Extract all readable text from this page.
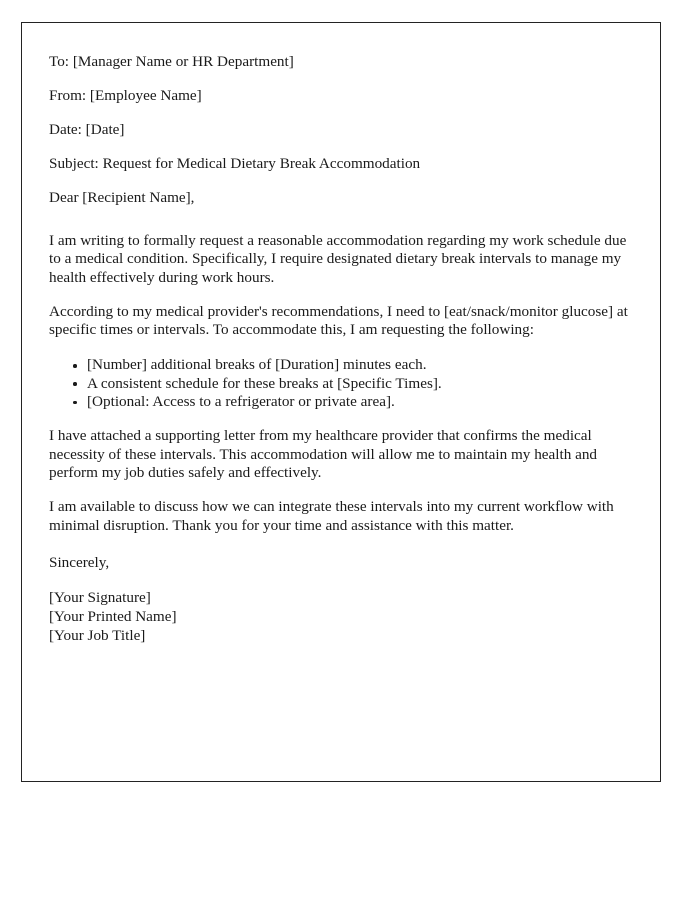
To: [Manager Name or HR Department]
From: [Employee Name]
Date: [Date]
Subject: Request for Medical Dietary Break Accommodation
Dear [Recipient Name],

I am writing to formally request a reasonable accommodation regarding my work schedule due to a medical condition. Specifically, I require designated dietary break intervals to manage my health effectively during work hours.

According to my medical provider's recommendations, I need to [eat/snack/monitor glucose] at specific times or intervals. To accommodate this, I am requesting the following:

[Number] additional breaks of [Duration] minutes each.
A consistent schedule for these breaks at [Specific Times].
[Optional: Access to a refrigerator or private area].

I have attached a supporting letter from my healthcare provider that confirms the medical necessity of these intervals. This accommodation will allow me to maintain my health and perform my job duties safely and effectively.

I am available to discuss how we can integrate these intervals into my current workflow with minimal disruption. Thank you for your time and assistance with this matter.

Sincerely,
[Your Signature]
[Your Printed Name]
[Your Job Title]
